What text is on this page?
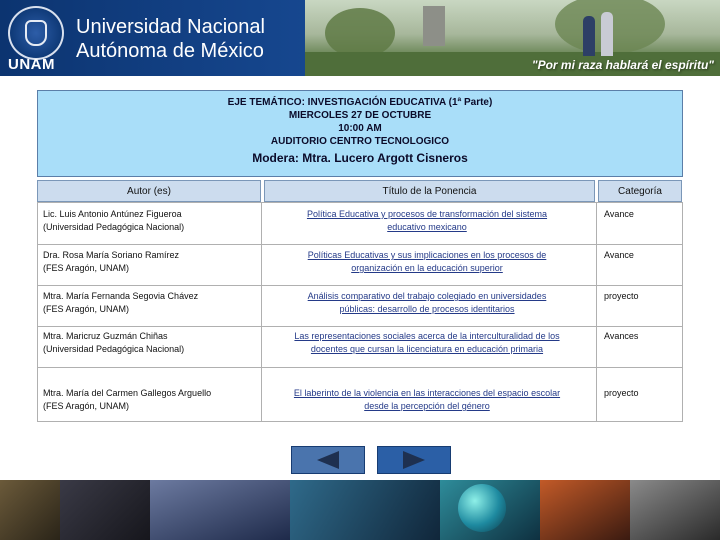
UNAM
Universidad Nacional
Autónoma de México
"Por mi raza hablará el espíritu"
EJE TEMÁTICO: INVESTIGACIÓN EDUCATIVA (1ª Parte)
MIERCOLES 27 DE OCTUBRE
10:00 AM
AUDITORIO CENTRO TECNOLOGICO
Modera: Mtra. Lucero Argott Cisneros
Autor (es)	Título de la Ponencia	Categoría
Lic. Luis Antonio Antúnez Figueroa
(Universidad Pedagógica Nacional)
Política Educativa y procesos de transformación del sistema
educativo mexicano
Avance
Dra. Rosa María Soriano Ramírez
(FES Aragón, UNAM)
Políticas Educativas y sus implicaciones en los procesos de
organización en la educación superior
Avance
Mtra. María Fernanda Segovia Chávez
(FES Aragón, UNAM)
Análisis comparativo del trabajo colegiado en universidades
públicas: desarrollo de procesos identitarios
proyecto
Mtra. Maricruz Guzmán Chiñas
(Universidad Pedagógica Nacional)
Las representaciones sociales acerca de la interculturalidad de los
docentes que cursan la licenciatura en educación primaria
Avances
Mtra. María del Carmen Gallegos Arguello
(FES Aragón, UNAM)
El laberinto de la violencia en las interacciones del espacio escolar
desde la percepción del género
proyecto
